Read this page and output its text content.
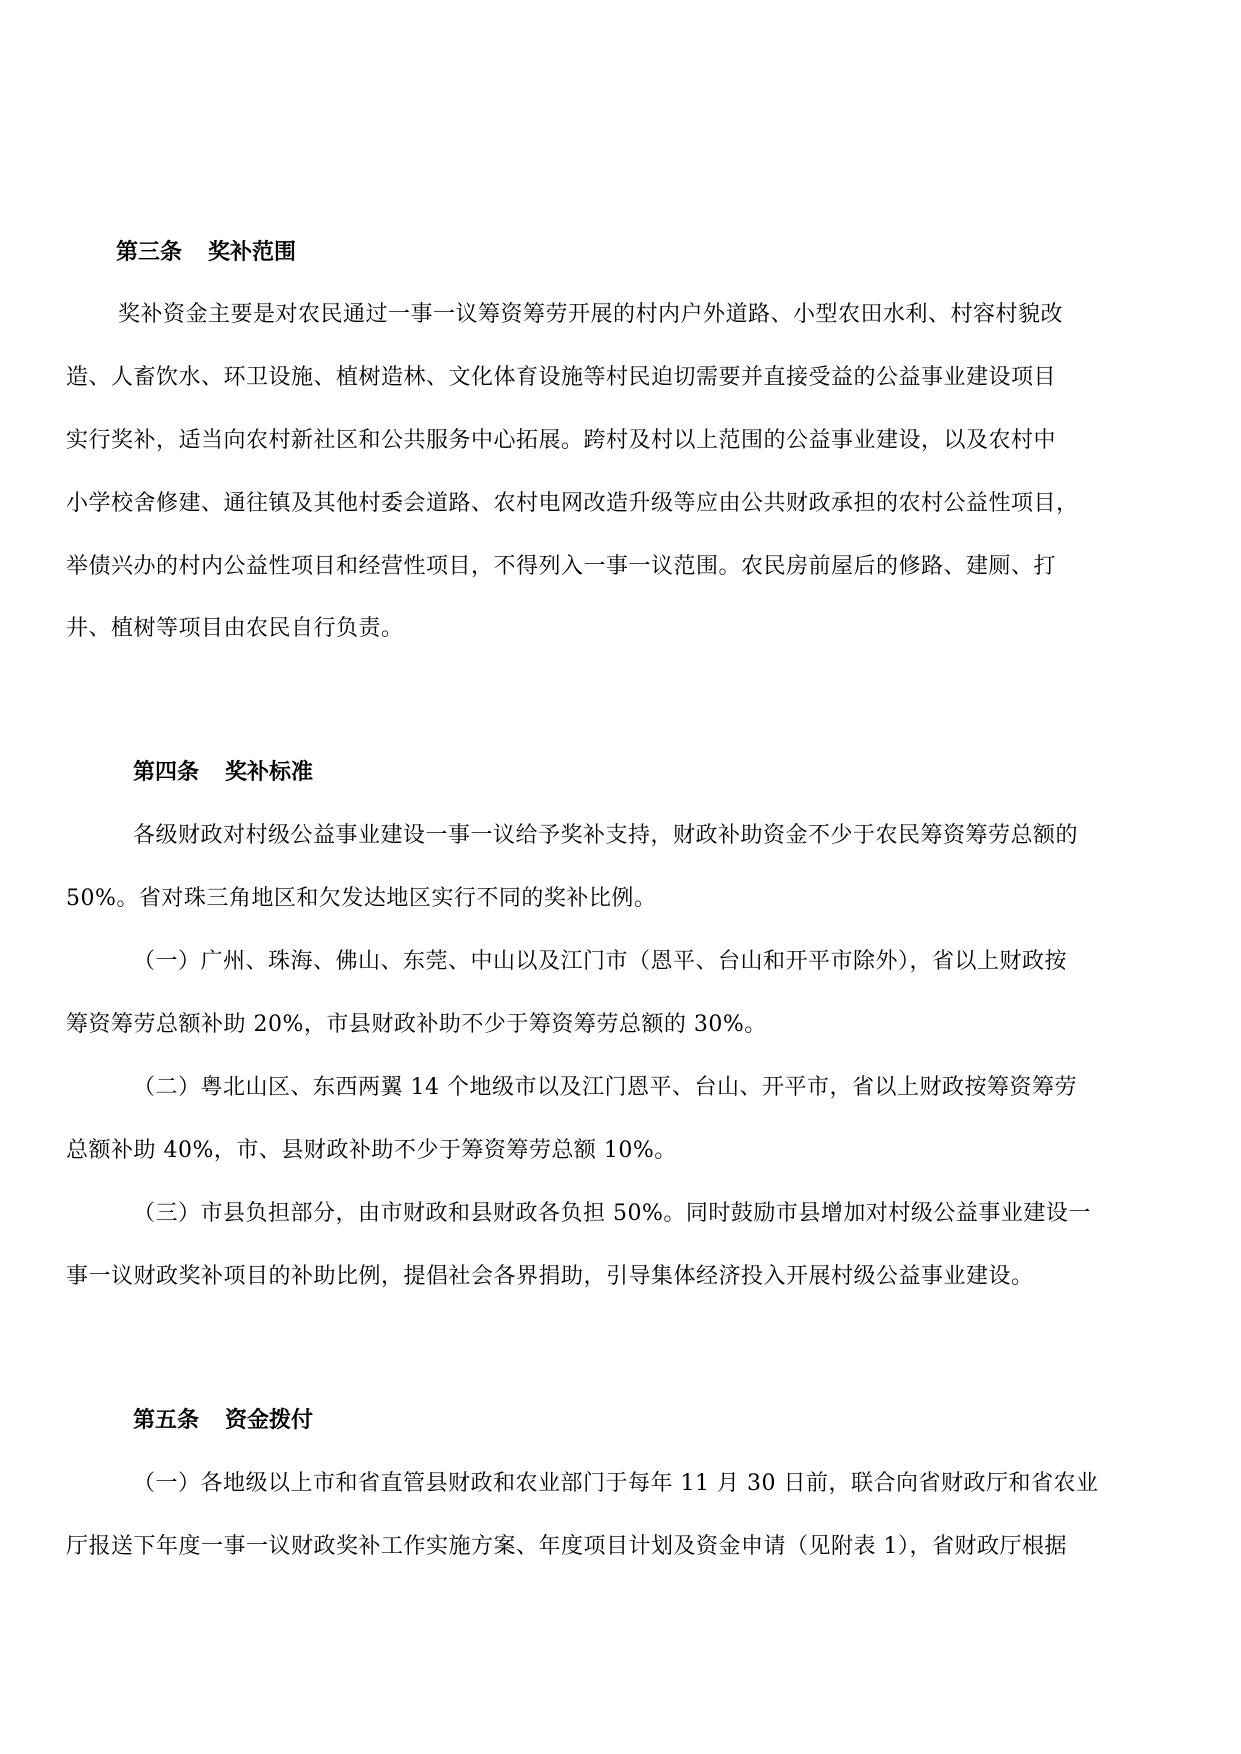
第三条 奖补范围
奖补资金主要是对农民通过一事一议筹资筹劳开展的村内户外道路、小型农田水利、村容村貌改
造、人畜饮水、环卫设施、植树造林、文化体育设施等村民迫切需要并直接受益的公益事业建设项目
实行奖补，适当向农村新社区和公共服务中心拓展。跨村及村以上范围的公益事业建设，以及农村中
小学校舍修建、通往镇及其他村委会道路、农村电网改造升级等应由公共财政承担的农村公益性项目，
举债兴办的村内公益性项目和经营性项目，不得列入一事一议范围。农民房前屋后的修路、建厕、打
井、植树等项目由农民自行负责。
第四条 奖补标准
各级财政对村级公益事业建设一事一议给予奖补支持，财政补助资金不少于农民筹资筹劳总额的
50%。省对珠三角地区和欠发达地区实行不同的奖补比例。
（一）广州、珠海、佛山、东莞、中山以及江门市（恩平、台山和开平市除外），省以上财政按
筹资筹劳总额补助 20%，市县财政补助不少于筹资筹劳总额的 30%。
（二）粤北山区、东西两翼 14 个地级市以及江门恩平、台山、开平市，省以上财政按筹资筹劳
总额补助 40%，市、县财政补助不少于筹资筹劳总额 10%。
（三）市县负担部分，由市财政和县财政各负担 50%。同时鼓励市县增加对村级公益事业建设一
事一议财政奖补项目的补助比例，提倡社会各界捐助，引导集体经济投入开展村级公益事业建设。
第五条 资金拨付
（一）各地级以上市和省直管县财政和农业部门于每年 11 月 30 日前，联合向省财政厅和省农业
厅报送下年度一事一议财政奖补工作实施方案、年度项目计划及资金申请（见附表 1），省财政厅根据
